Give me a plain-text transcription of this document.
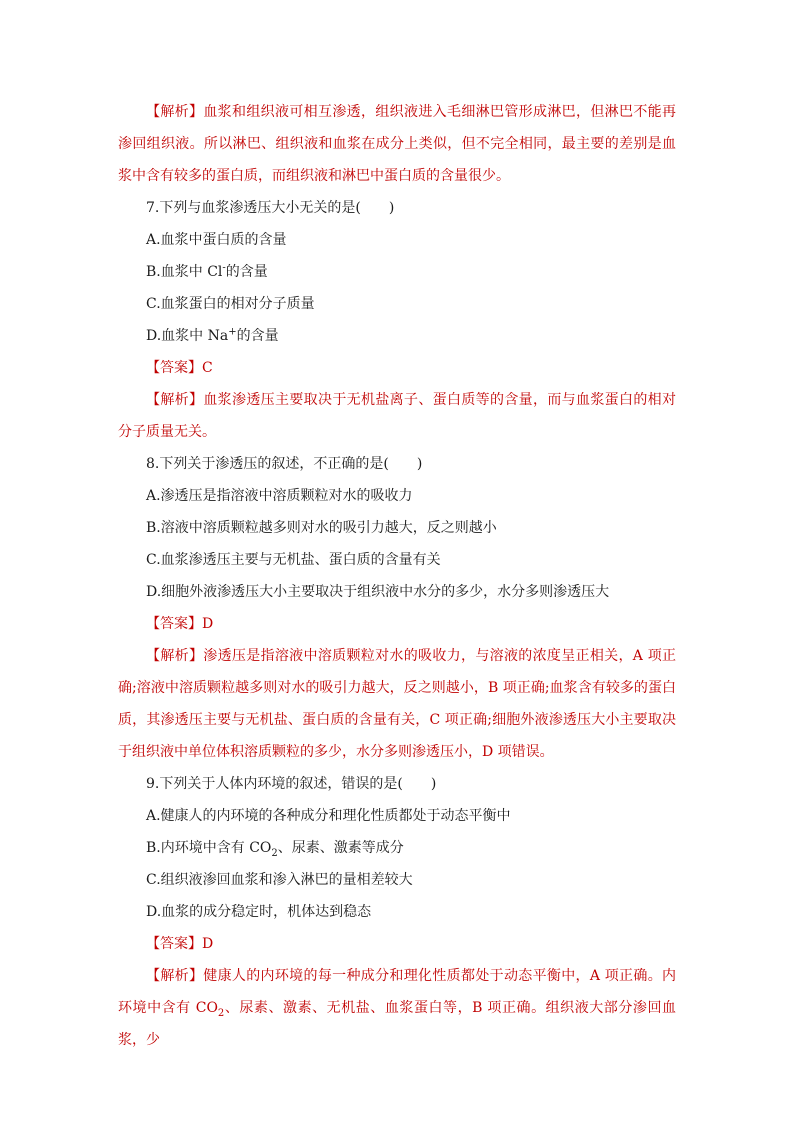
【解析】血浆和组织液可相互渗透，组织液进入毛细淋巴管形成淋巴，但淋巴不能再渗回组织液。所以淋巴、组织液和血浆在成分上类似，但不完全相同，最主要的差别是血浆中含有较多的蛋白质，而组织液和淋巴中蛋白质的含量很少。

7.下列与血浆渗透压大小无关的是(　　)

A.血浆中蛋白质的含量

B.血浆中 Cl-的含量

C.血浆蛋白的相对分子质量

D.血浆中 Na+的含量

【答案】C

【解析】血浆渗透压主要取决于无机盐离子、蛋白质等的含量，而与血浆蛋白的相对分子质量无关。

8.下列关于渗透压的叙述，不正确的是(　　)

A.渗透压是指溶液中溶质颗粒对水的吸收力

B.溶液中溶质颗粒越多则对水的吸引力越大，反之则越小

C.血浆渗透压主要与无机盐、蛋白质的含量有关

D.细胞外液渗透压大小主要取决于组织液中水分的多少，水分多则渗透压大

【答案】D

【解析】渗透压是指溶液中溶质颗粒对水的吸收力，与溶液的浓度呈正相关，A 项正确;溶液中溶质颗粒越多则对水的吸引力越大，反之则越小，B 项正确;血浆含有较多的蛋白质，其渗透压主要与无机盐、蛋白质的含量有关，C 项正确;细胞外液渗透压大小主要取决于组织液中单位体积溶质颗粒的多少，水分多则渗透压小，D 项错误。

9.下列关于人体内环境的叙述，错误的是(　　)

A.健康人的内环境的各种成分和理化性质都处于动态平衡中

B.内环境中含有 $CO_2$、尿素、激素等成分

C.组织液渗回血浆和渗入淋巴的量相差较大

D.血浆的成分稳定时，机体达到稳态

【答案】D

【解析】健康人的内环境的每一种成分和理化性质都处于动态平衡中，A 项正确。内环境中含有 $CO_2$、尿素、激素、无机盐、血浆蛋白等，B 项正确。组织液大部分渗回血浆，少
